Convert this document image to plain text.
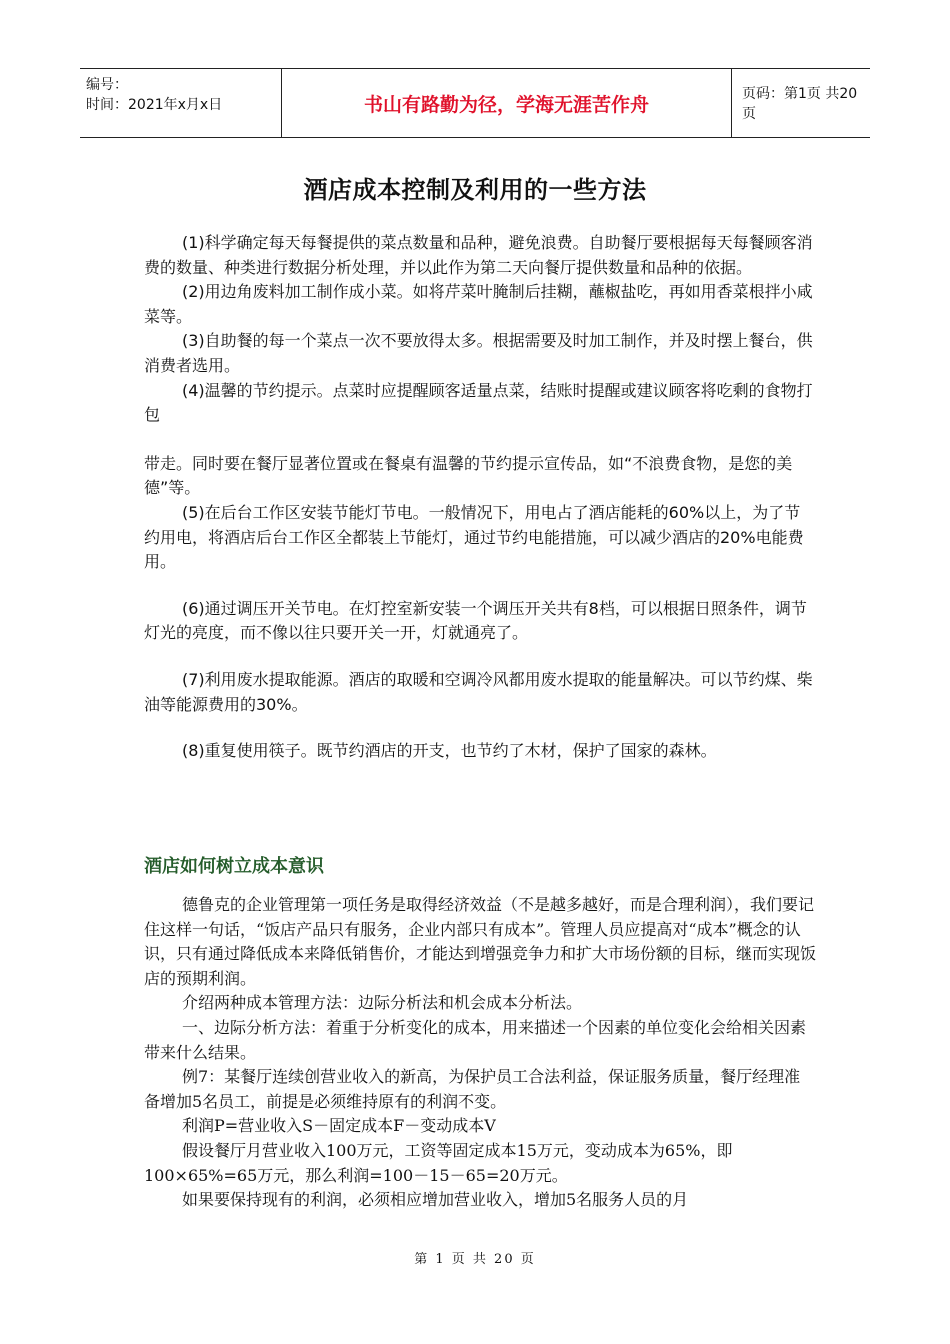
编号：
时间：2021年x月x日	书山有路勤为径，学海无涯苦作舟	页码：第1页 共20页
酒店成本控制及利用的一些方法

(1)科学确定每天每餐提供的菜点数量和品种，避免浪费。自助餐厅要根据每天每餐顾客消费的数量、种类进行数据分析处理，并以此作为第二天向餐厅提供数量和品种的依据。

(2)用边角废料加工制作成小菜。如将芹菜叶腌制后挂糊，蘸椒盐吃，再如用香菜根拌小咸菜等。

(3)自助餐的每一个菜点一次不要放得太多。根据需要及时加工制作，并及时摆上餐台，供消费者选用。

(4)温馨的节约提示。点菜时应提醒顾客适量点菜，结账时提醒或建议顾客将吃剩的食物打包

带走。同时要在餐厅显著位置或在餐桌有温馨的节约提示宣传品，如“不浪费食物，是您的美德”等。

(5)在后台工作区安装节能灯节电。一般情况下，用电占了酒店能耗的60%以上，为了节约用电，将酒店后台工作区全都装上节能灯，通过节约电能措施，可以减少酒店的20%电能费用。

(6)通过调压开关节电。在灯控室新安装一个调压开关共有8档，可以根据日照条件，调节灯光的亮度，而不像以往只要开关一开，灯就通亮了。

(7)利用废水提取能源。酒店的取暖和空调冷风都用废水提取的能量解决。可以节约煤、柴油等能源费用的30%。

(8)重复使用筷子。既节约酒店的开支，也节约了木材，保护了国家的森林。

酒店如何树立成本意识

德鲁克的企业管理第一项任务是取得经济效益（不是越多越好，而是合理利润），我们要记住这样一句话，“饭店产品只有服务，企业内部只有成本”。管理人员应提高对“成本”概念的认识，只有通过降低成本来降低销售价，才能达到增强竞争力和扩大市场份额的目标，继而实现饭店的预期利润。

介绍两种成本管理方法：边际分析法和机会成本分析法。

一、边际分析方法：着重于分析变化的成本，用来描述一个因素的单位变化会给相关因素带来什么结果。

例7：某餐厅连续创营业收入的新高，为保护员工合法利益，保证服务质量，餐厅经理准备增加5名员工，前提是必须维持原有的利润不变。

利润P=营业收入S－固定成本F－变动成本V

假设餐厅月营业收入100万元，工资等固定成本15万元，变动成本为65%，即100×65%=65万元，那么利润=100－15－65=20万元。

如果要保持现有的利润，必须相应增加营业收入，增加5名服务人员的月

第 1 页 共 20 页
